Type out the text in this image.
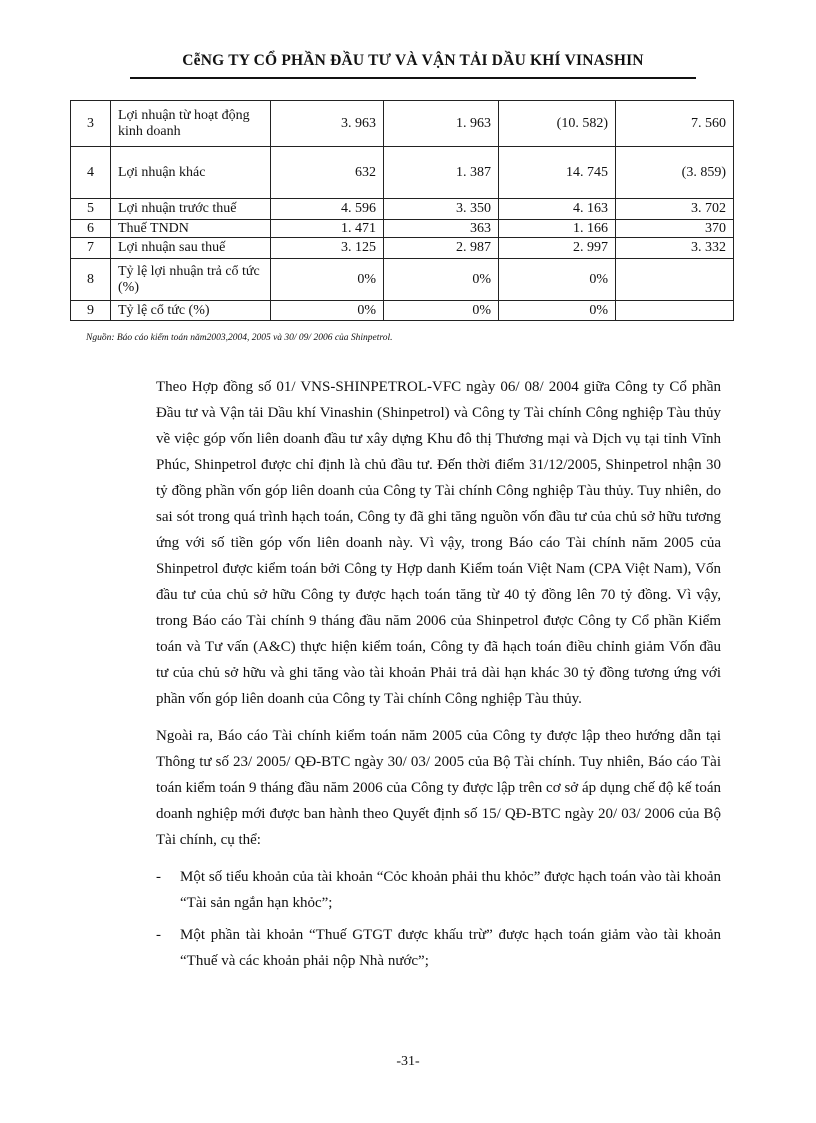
CễNG TY CỔ PHẦN ĐẦU TƯ VÀ VẬN TẢI DẦU KHÍ VINASHIN
3	Lợi nhuận từ hoạt động kinh doanh	3. 963	1. 963	(10. 582)	7. 560
4	Lợi nhuận khác	632	1. 387	14. 745	(3. 859)
5	Lợi nhuận trước thuế	4. 596	3. 350	4. 163	3. 702
6	Thuế TNDN	1. 471	363	1. 166	370
7	Lợi nhuận sau thuế	3. 125	2. 987	2. 997	3. 332
8	Tỷ lệ lợi nhuận trả cổ tức (%)	0%	0%	0%	
9	Tỷ lệ cổ tức (%)	0%	0%	0%	
Nguồn: Báo cáo kiểm toán năm2003,2004, 2005 và 30/ 09/ 2006 của Shinpetrol.

Theo Hợp đồng số 01/ VNS-SHINPETROL-VFC ngày 06/ 08/ 2004 giữa Công ty Cổ phần Đầu tư và Vận tải Dầu khí Vinashin (Shinpetrol) và Công ty Tài chính Công nghiệp Tàu thủy về việc góp vốn liên doanh đầu tư xây dựng Khu đô thị Thương mại và Dịch vụ tại tỉnh Vĩnh Phúc, Shinpetrol được chỉ định là chủ đầu tư. Đến thời điểm 31/12/2005, Shinpetrol nhận 30 tỷ đồng phần vốn góp liên doanh của Công ty Tài chính Công nghiệp Tàu thủy. Tuy nhiên, do sai sót trong quá trình hạch toán, Công ty đã ghi tăng nguồn vốn đầu tư của chủ sở hữu tương ứng với số tiền góp vốn liên doanh này. Vì vậy, trong Báo cáo Tài chính năm 2005 của Shinpetrol được kiểm toán bởi Công ty Hợp danh Kiểm toán Việt Nam (CPA Việt Nam), Vốn đầu tư của chủ sở hữu Công ty được hạch toán tăng từ 40 tỷ đồng lên 70 tỷ đồng. Vì vậy, trong Báo cáo Tài chính 9 tháng đầu năm 2006 của Shinpetrol được Công ty Cổ phần Kiểm toán và Tư vấn (A&C) thực hiện kiểm toán, Công ty đã hạch toán điều chỉnh giảm Vốn đầu tư của chủ sở hữu và ghi tăng vào tài khoản Phải trả dài hạn khác 30 tỷ đồng tương ứng với phần vốn góp liên doanh của Công ty Tài chính Công nghiệp Tàu thủy.

Ngoài ra, Báo cáo Tài chính kiểm toán năm 2005 của Công ty được lập theo hướng dẫn tại Thông tư số 23/ 2005/ QĐ-BTC ngày 30/ 03/ 2005 của Bộ Tài chính. Tuy nhiên, Báo cáo Tài toán kiểm toán 9 tháng đầu năm 2006 của Công ty được lập trên cơ sở áp dụng chế độ kế toán doanh nghiệp mới được ban hành theo Quyết định số 15/ QĐ-BTC ngày 20/ 03/ 2006 của Bộ Tài chính, cụ thể:

-	Một số tiểu khoản của tài khoản “Cỏc khoản phải thu khỏc” được hạch toán vào tài khoản “Tài sản ngắn hạn khỏc”;
-	Một phần tài khoản “Thuế GTGT được khấu trừ” được hạch toán giảm vào tài khoản “Thuế và các khoản phải nộp Nhà nước”;
-31-
